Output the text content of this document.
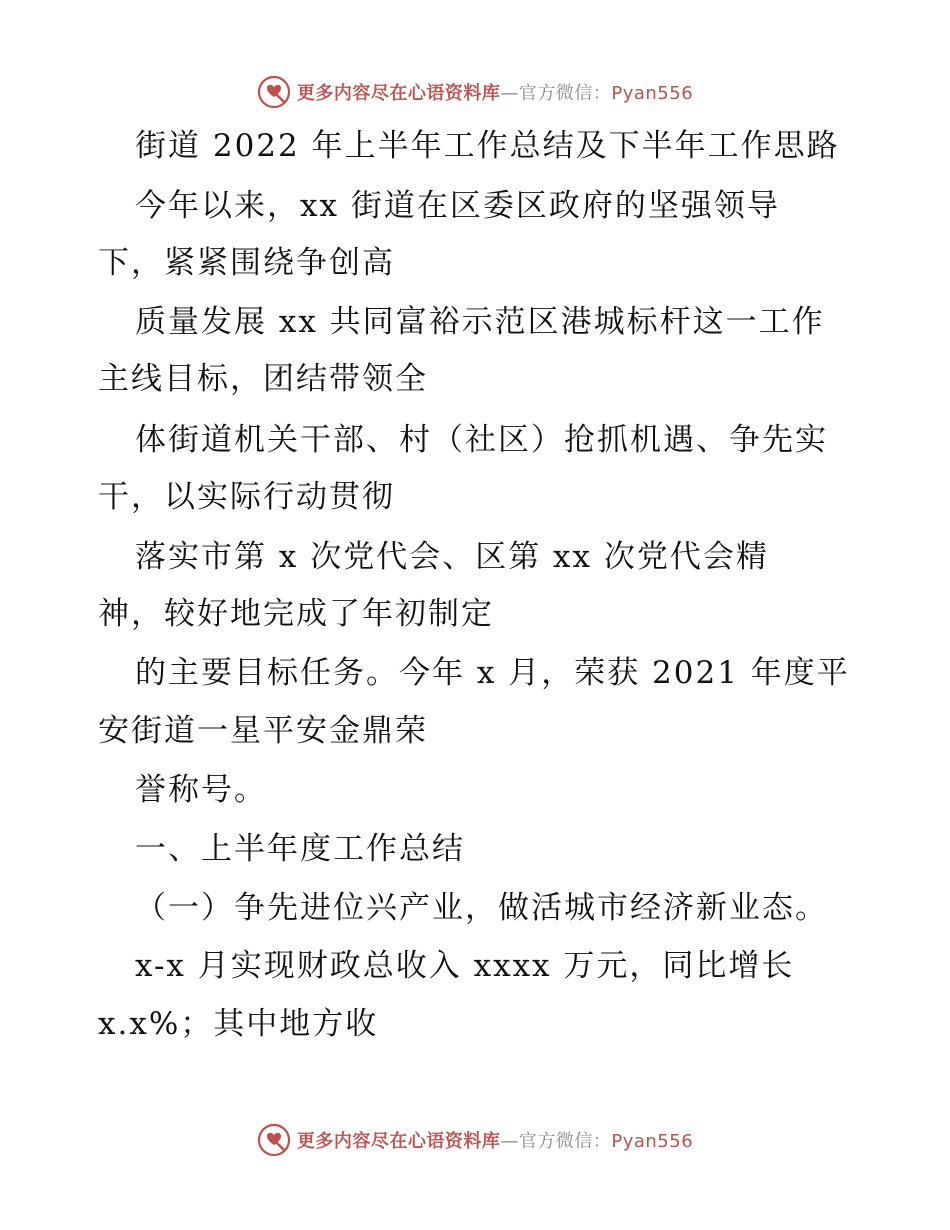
更多内容尽在心语资料库—官方微信：Pyan556
街道 2022 年上半年工作总结及下半年工作思路
今年以来，xx 街道在区委区政府的坚强领导
下，紧紧围绕争创高
质量发展 xx 共同富裕示范区港城标杆这一工作
主线目标，团结带领全
体街道机关干部、村（社区）抢抓机遇、争先实
干，以实际行动贯彻
落实市第 x 次党代会、区第 xx 次党代会精
神，较好地完成了年初制定
的主要目标任务。今年 x 月，荣获 2021 年度平
安街道一星平安金鼎荣
誉称号。
一、上半年度工作总结
（一）争先进位兴产业，做活城市经济新业态。
x-x 月实现财政总收入 xxxx 万元，同比增长
x.x%；其中地方收
更多内容尽在心语资料库—官方微信：Pyan556
